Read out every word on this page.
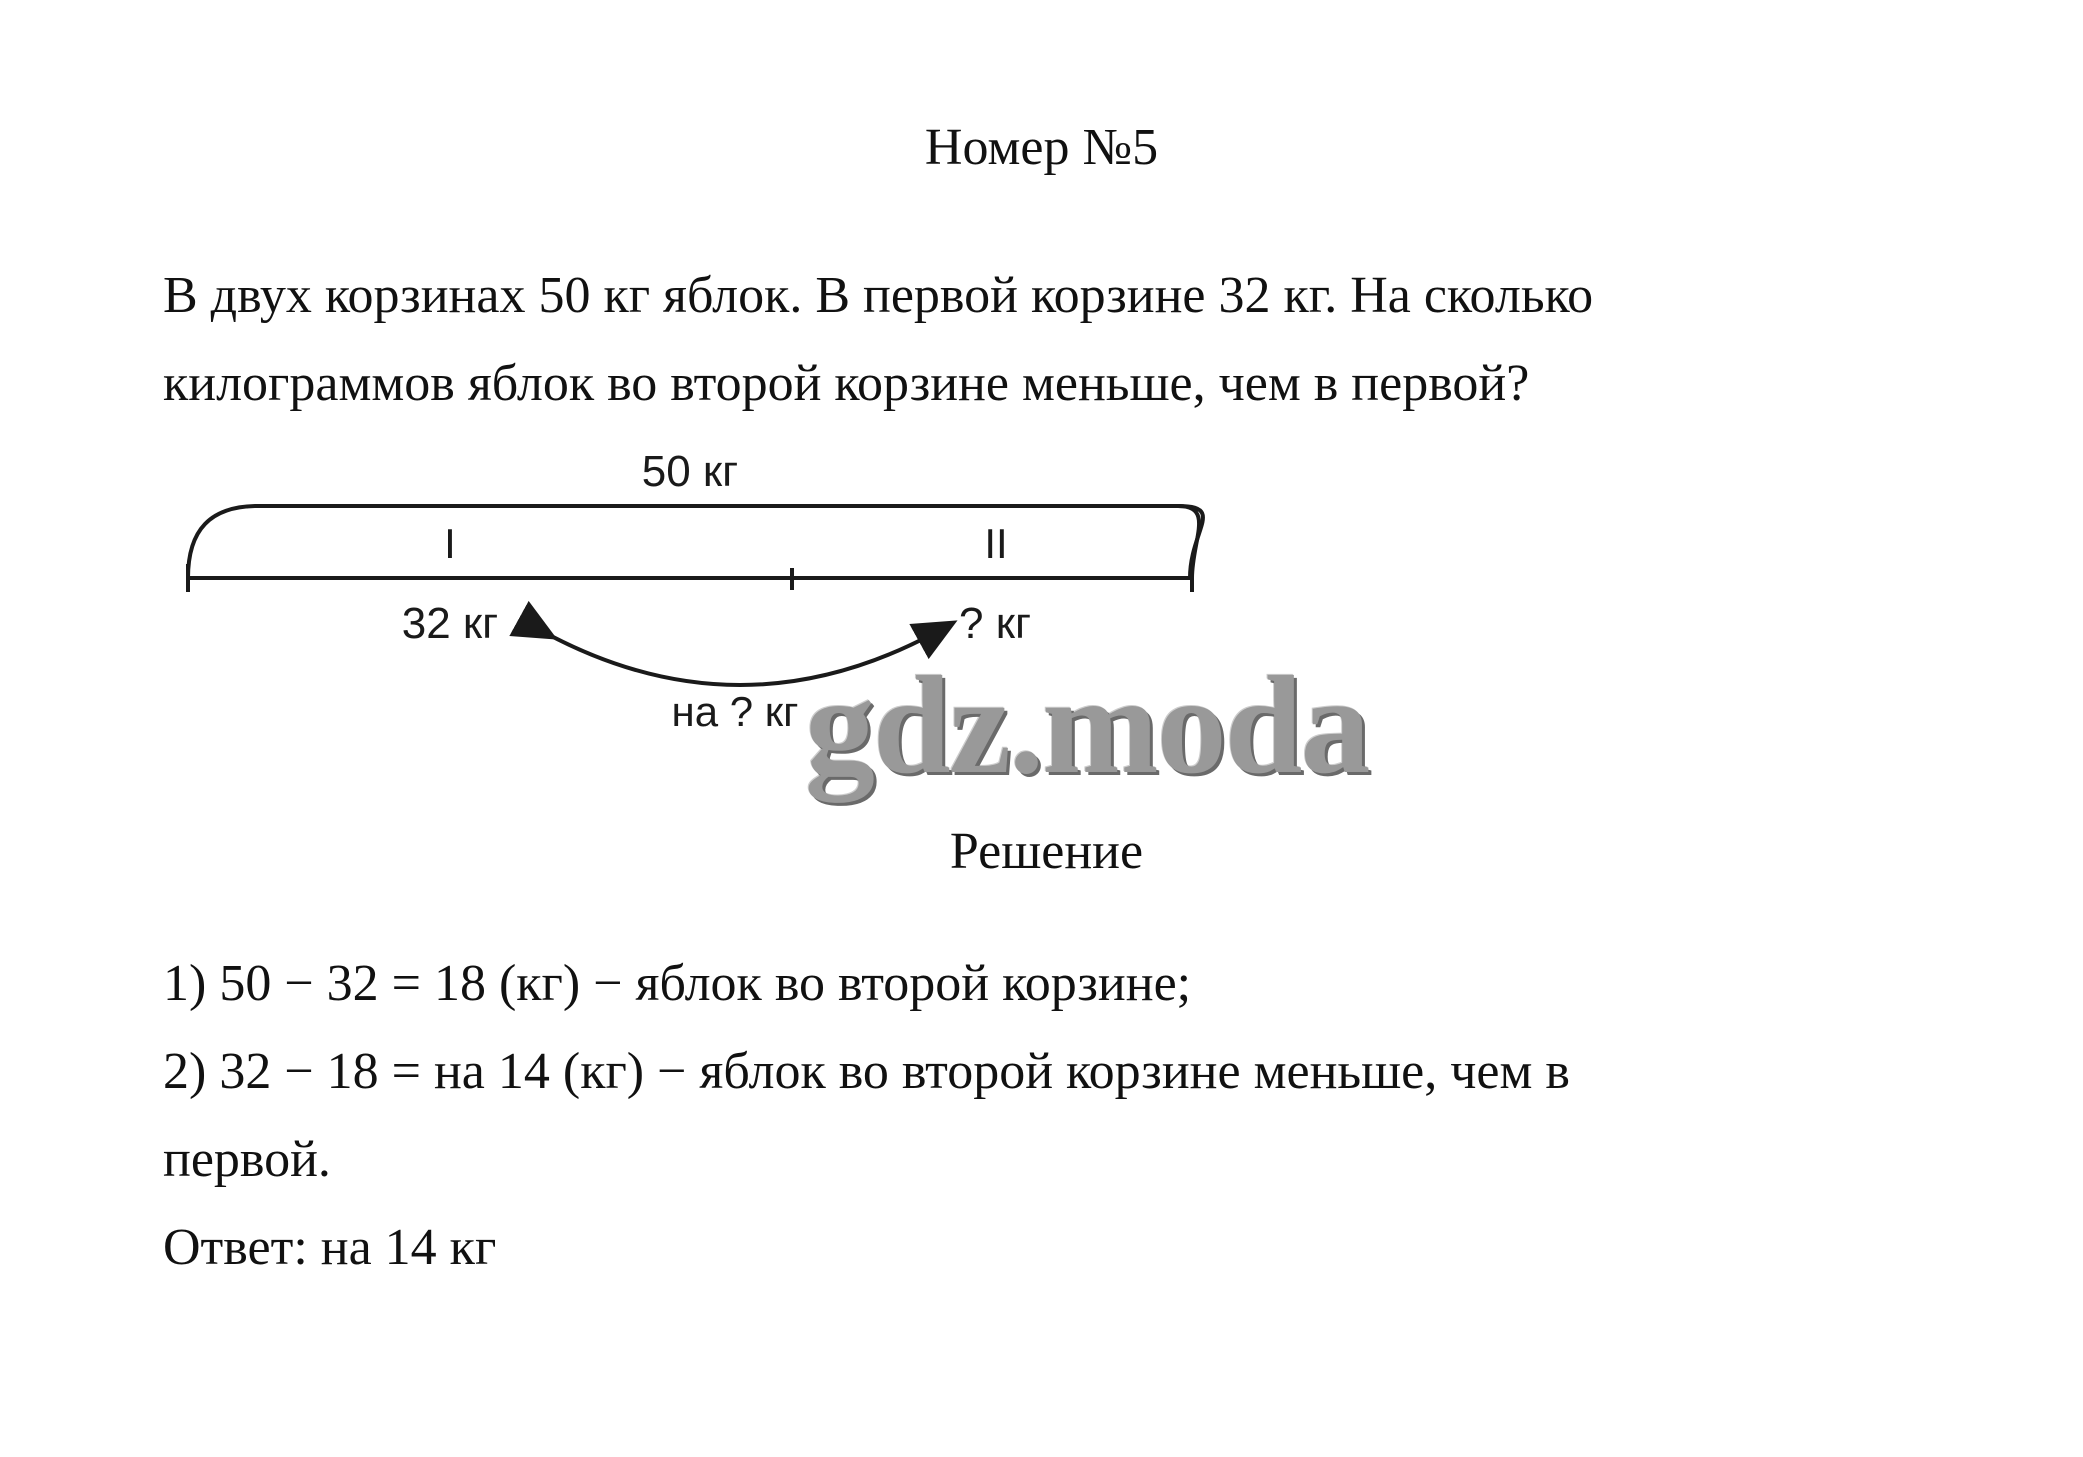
Номер №5
В двух корзинах 50 кг яблок. В первой корзине 32 кг. На сколько
килограммов яблок во второй корзине меньше, чем в первой?
50 кг
I	II
32 кг	? кг
на ? кг gdz.moda
Решение
1) 50 − 32 = 18 (кг) − яблок во второй корзине;
2) 32 − 18 = на 14 (кг) − яблок во второй корзине меньше, чем в
первой.
Ответ: на 14 кг
